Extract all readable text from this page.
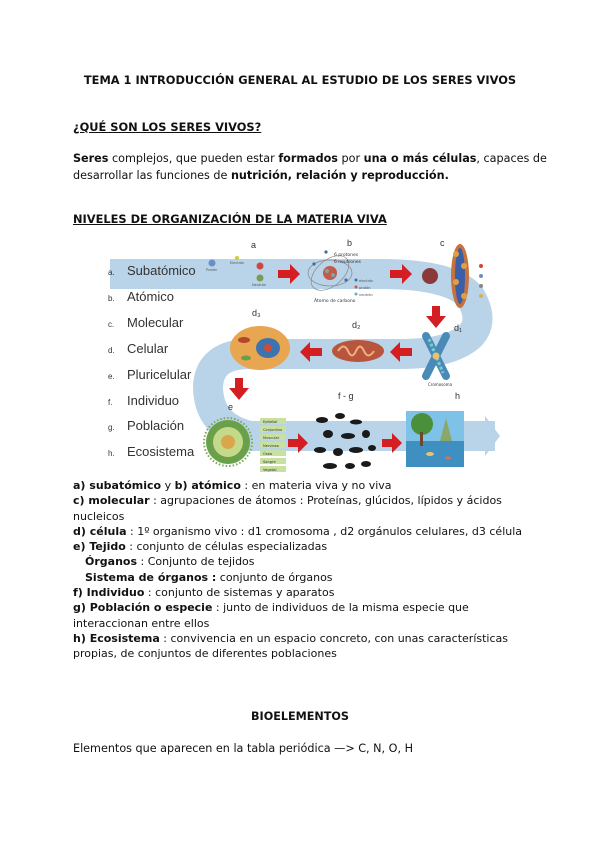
TEMA 1 INTRODUCCIÓN GENERAL AL ESTUDIO DE LOS SERES VIVOS
¿QUÉ SON LOS SERES VIVOS?
Seres complejos, que pueden estar formados por una o más células, capaces de
desarrollar las funciones de nutrición, relación y reproducción.
NIVELES DE ORGANIZACIÓN DE LA MATERIA VIVA
a. Subatómico
b. Atómico
c. Molecular
d. Celular
e. Pluricelular
f. Individuo
g. Población
h. Ecosistema
a	b	c
d₁
d₂
d₃
e
f - g	h
Protón
Electrón
Neutrón
6 protones
6 neutrones
Átomo de carbono
electrón
protón
neutrón
Cromosoma
Epitelial
Conjuntivo
Muscular
Nervioso
Óseo
Sangre
Vegetal
a) subatómico y b) atómico : en materia viva y no viva
c) molecular : agrupaciones de átomos : Proteínas, glúcidos, lípidos y ácidos
nucleicos
d) célula : 1º organismo vivo : d1 cromosoma , d2 orgánulos celulares, d3 célula
e) Tejido : conjunto de células especializadas
Órganos : Conjunto de tejidos
Sistema de órganos : conjunto de órganos
f) Individuo : conjunto de sistemas y aparatos
g) Población o especie : junto de individuos de la misma especie que
interaccionan entre ellos
h) Ecosistema : convivencia en un espacio concreto, con unas características
propias, de conjuntos de diferentes poblaciones
BIOELEMENTOS
Elementos que aparecen en la tabla periódica —> C, N, O, H
